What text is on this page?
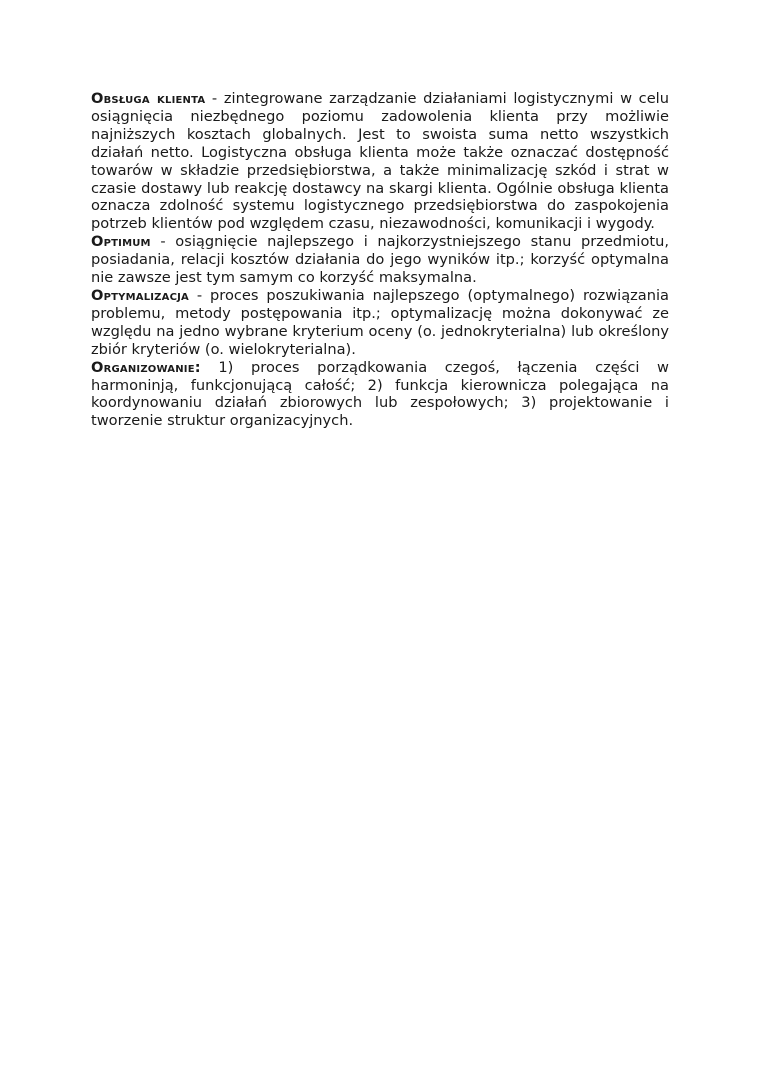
Obsługa klienta - zintegrowane zarządzanie działaniami logistycznymi w celu osiągnięcia niezbędnego poziomu zadowolenia klienta przy możliwie najniższych kosztach globalnych. Jest to swoista suma netto wszystkich działań netto. Logistyczna obsługa klienta może także oznaczać dostępność towarów w składzie przedsiębiorstwa, a także minimalizację szkód i strat w czasie dostawy lub reakcję dostawcy na skargi klienta. Ogólnie obsługa klienta oznacza zdolność systemu logistycznego przedsiębiorstwa do zaspokojenia potrzeb klientów pod względem czasu, niezawodności, komunikacji i wygody.

Optimum - osiągnięcie najlepszego i najkorzystniejszego stanu przedmiotu, posiadania, relacji kosztów działania do jego wyników itp.; korzyść optymalna nie zawsze jest tym samym co korzyść maksymalna.

Optymalizacja - proces poszukiwania najlepszego (optymalnego) rozwiązania problemu, metody postępowania itp.; optymalizację można dokonywać ze względu na jedno wybrane kryterium oceny (o. jednokryterialna) lub określony zbiór kryteriów (o. wielokryterialna).

Organizowanie: 1) proces porządkowania czegoś, łączenia części w harmoninją, funkcjonującą całość; 2) funkcja kierownicza polegająca na koordynowaniu działań zbiorowych lub zespołowych; 3) projektowanie i tworzenie struktur organizacyjnych.
